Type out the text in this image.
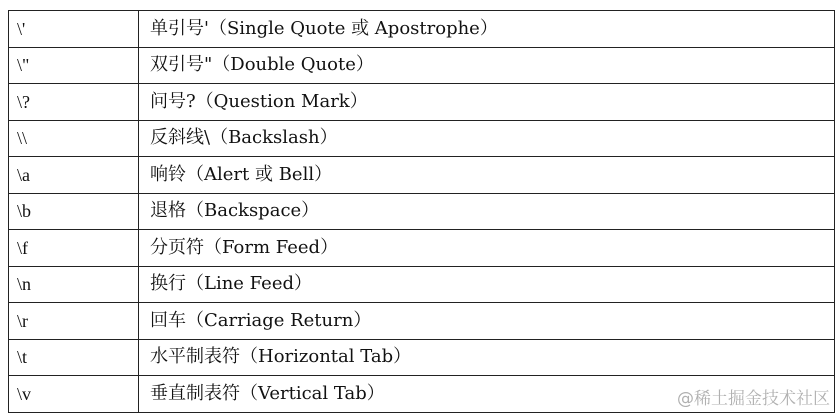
\'	单引号'（Single Quote 或 Apostrophe）
\"	双引号"（Double Quote）
\?	问号?（Question Mark）
\\	反斜线\（Backslash）
\a	响铃（Alert 或 Bell）
\b	退格（Backspace）
\f	分页符（Form Feed）
\n	换行（Line Feed）
\r	回车（Carriage Return）
\t	水平制表符（Horizontal Tab）
\v	垂直制表符（Vertical Tab）	@稀土掘金技术社区
